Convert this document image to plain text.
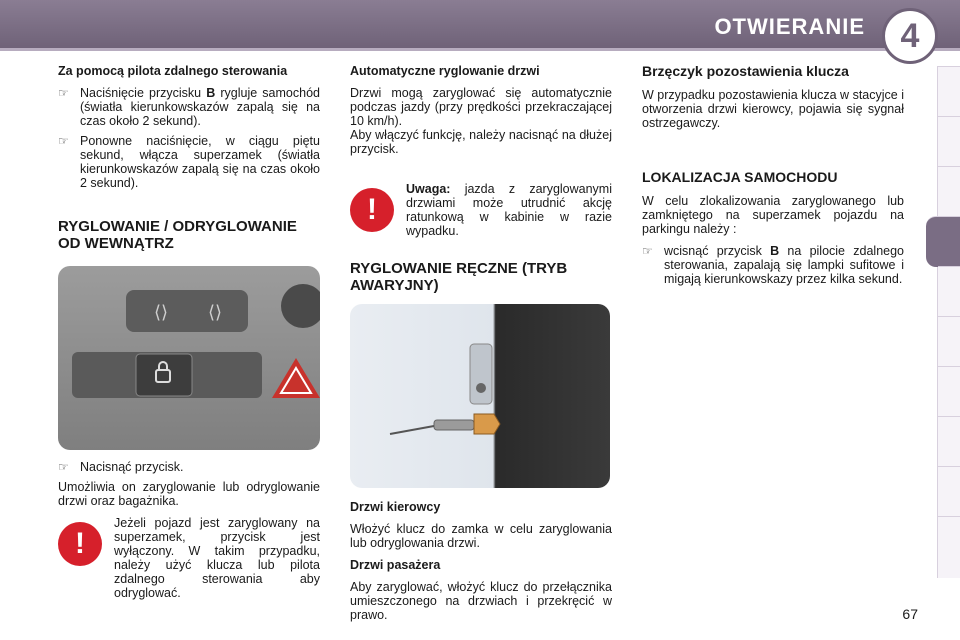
OTWIERANIE	4
Za pomocą pilota zdalnego sterowania
☞ Naciśnięcie przycisku B rygluje samochód (światła kierunkowskazów zapalą się na czas około 2 sekund).
☞ Ponowne naciśnięcie, w ciągu piętu sekund, włącza superzamek (światła kierunkowskazów zapalą się na czas około 2 sekund).
RYGLOWANIE / ODRYGLOWANIE OD WEWNĄTRZ
⟨⟩ ⟨⟩
☞ Nacisnąć przycisk.

Umożliwia on zaryglowanie lub odryglowanie drzwi oraz bagażnika.

!
Jeżeli pojazd jest zaryglowany na superzamek, przycisk jest wyłączony. W takim przypadku, należy użyć klucza lub pilota zdalnego sterowania aby odryglować.
Automatyczne ryglowanie drzwi

Drzwi mogą zaryglować się automatycznie podczas jazdy (przy prędkości przekraczającej 10 km/h).

Aby włączyć funkcję, należy nacisnąć na dłużej przycisk.

!
Uwaga: jazda z zaryglowanymi drzwiami może utrudnić akcję ratunkową w kabinie w razie wypadku.
RYGLOWANIE RĘCZNE (TRYB AWARYJNY)
Drzwi kierowcy

Włożyć klucz do zamka w celu zaryglowania lub odryglowania drzwi.

Drzwi pasażera

Aby zaryglować, włożyć klucz do przełącznika umieszczonego na drzwiach i przekręcić w prawo.

Brzęczyk pozostawienia klucza

W przypadku pozostawienia klucza w stacyjce i otworzenia drzwi kierowcy, pojawia się sygnał ostrzegawczy.

LOKALIZACJA SAMOCHODU

W celu zlokalizowania zaryglowanego lub zamkniętego na superzamek pojazdu na parkingu należy :

☞ wcisnąć przycisk B na pilocie zdalnego sterowania, zapalają się lampki sufitowe i migają kierunkowskazy przez kilka sekund.
67
